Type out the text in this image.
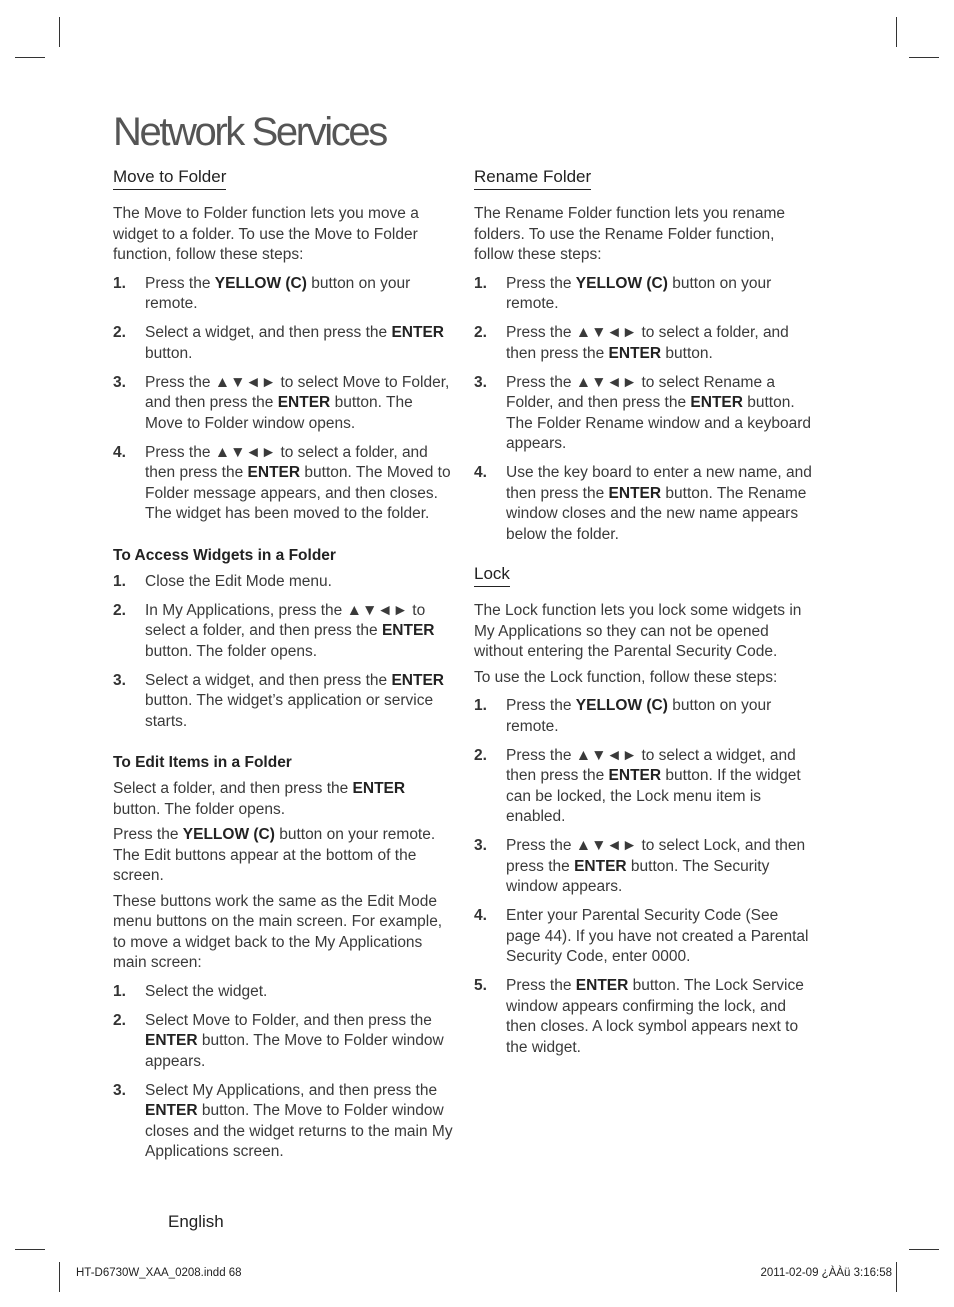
Network Services
Move to Folder

The Move to Folder function lets you move a widget to a folder. To use the Move to Folder function, follow these steps:

1. Press the YELLOW (C) button on your remote.
2. Select a widget, and then press the ENTER button.
3. Press the ▲▼◄► to select Move to Folder, and then press the ENTER button. The Move to Folder window opens.
4. Press the ▲▼◄► to select a folder, and then press the ENTER button. The Moved to Folder message appears, and then closes. The widget has been moved to the folder.
To Access Widgets in a Folder
1. Close the Edit Mode menu.
2. In My Applications, press the ▲▼◄► to select a folder, and then press the ENTER button. The folder opens.
3. Select a widget, and then press the ENTER button. The widget’s application or service starts.
To Edit Items in a Folder

Select a folder, and then press the ENTER button. The folder opens.

Press the YELLOW (C) button on your remote. The Edit buttons appear at the bottom of the screen.

These buttons work the same as the Edit Mode menu buttons on the main screen. For example, to move a widget back to the My Applications main screen:

1. Select the widget.
2. Select Move to Folder, and then press the ENTER button. The Move to Folder window appears.
3. Select My Applications, and then press the ENTER button. The Move to Folder window closes and the widget returns to the main My Applications screen.
Rename Folder

The Rename Folder function lets you rename folders. To use the Rename Folder function, follow these steps:

1. Press the YELLOW (C) button on your remote.
2. Press the ▲▼◄► to select a folder, and then press the ENTER button.
3. Press the ▲▼◄► to select Rename a Folder, and then press the ENTER button. The Folder Rename window and a keyboard appears.
4. Use the key board to enter a new name, and then press the ENTER button. The Rename window closes and the new name appears below the folder.
Lock

The Lock function lets you lock some widgets in My Applications so they can not be opened without entering the Parental Security Code.

To use the Lock function, follow these steps:

1. Press the YELLOW (C) button on your remote.
2. Press the ▲▼◄► to select a widget, and then press the ENTER button. If the widget can be locked, the Lock menu item is enabled.
3. Press the ▲▼◄► to select Lock, and then press the ENTER button. The Security window appears.
4. Enter your Parental Security Code (See page 44). If you have not created a Parental Security Code, enter 0000.
5. Press the ENTER button. The Lock Service window appears confirming the lock, and then closes. A lock symbol appears next to the widget.
English
HT-D6730W_XAA_0208.indd 68	2011-02-09 ¿ÀÀü 3:16:58
